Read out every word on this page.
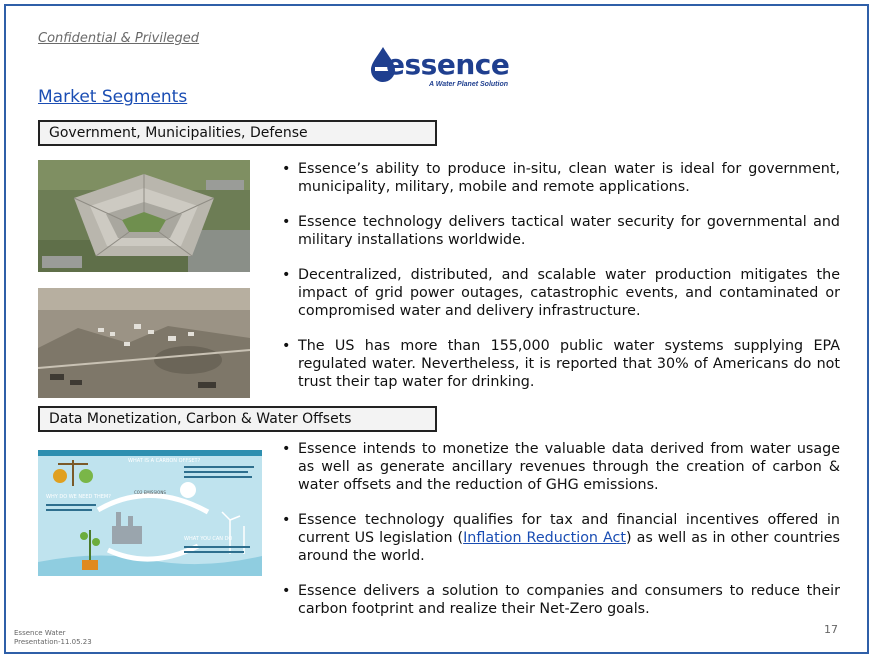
Confidential & Privileged
essence
A Water Planet Solution
Market Segments
Government, Municipalities, Defense
• Essence’s ability to produce in-situ, clean water is ideal for government, municipality, military, mobile and remote applications.
• Essence technology delivers tactical water security for governmental and military installations worldwide.
• Decentralized, distributed, and scalable water production mitigates the impact of grid power outages, catastrophic events, and contaminated or compromised water and delivery infrastructure.
• The US has more than 155,000 public water systems supplying EPA regulated water. Nevertheless, it is reported that 30% of Americans do not trust their tap water for drinking.
Data Monetization, Carbon & Water Offsets
WHAT IS A CARBON OFFSET?
WHY DO WE NEED THEM?
WHAT YOU CAN DO
CO2 EMISSIONS
• Essence intends to monetize the valuable data derived from water usage as well as generate ancillary revenues through the creation of carbon & water offsets and the reduction of GHG emissions.
• Essence technology qualifies for tax and financial incentives offered in current US legislation (Inflation Reduction Act) as well as in other countries around the world.
• Essence delivers a solution to companies and consumers to reduce their carbon footprint and realize their Net-Zero goals.
Essence Water
Presentation-11.05.23
17
